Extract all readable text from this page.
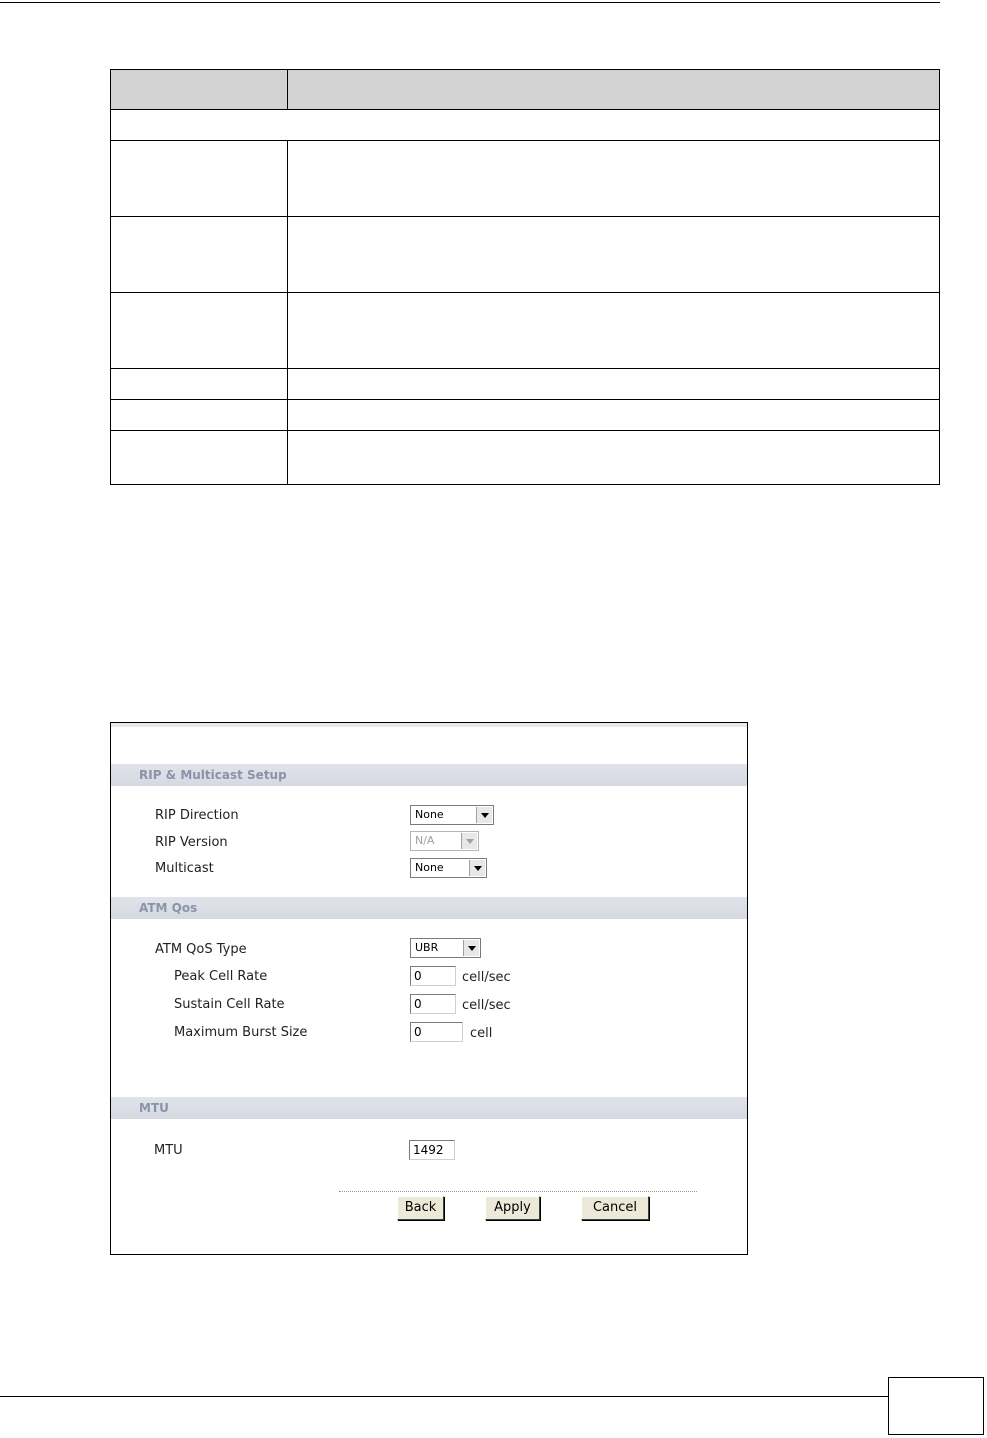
RIP & Multicast Setup
RIP Direction	None
RIP Version	N/A
Multicast	None
ATM Qos
ATM QoS Type	UBR
Peak Cell Rate	0	cell/sec
Sustain Cell Rate	0	cell/sec
Maximum Burst Size	0	cell
MTU
MTU	1492
Back	Apply	Cancel
